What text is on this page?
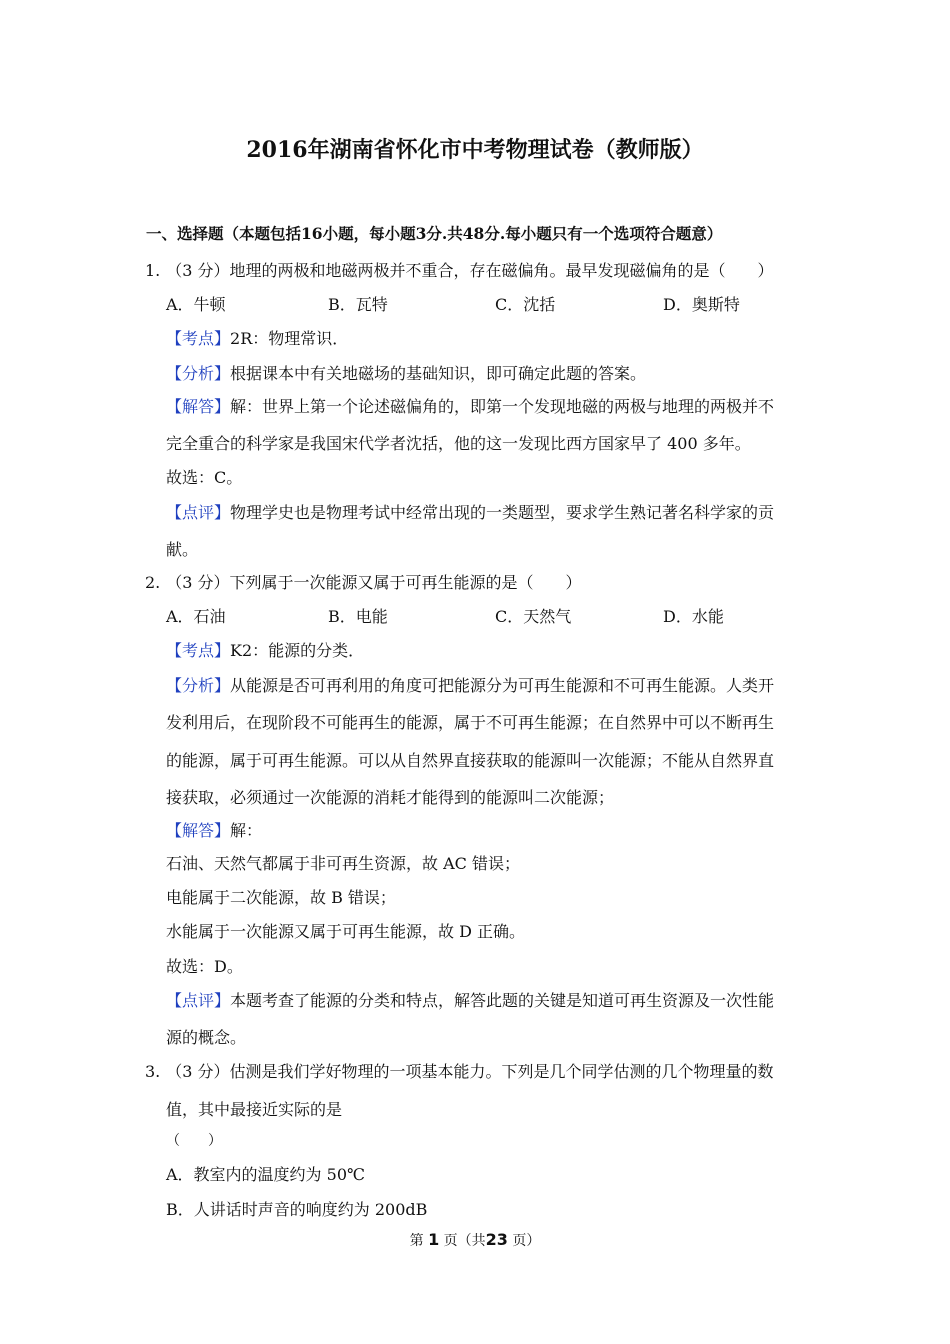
2016年湖南省怀化市中考物理试卷（教师版）
一、选择题（本题包括16小题，每小题3分.共48分.每小题只有一个选项符合题意）
1. （3 分）地理的两极和地磁两极并不重合，存在磁偏角。最早发现磁偏角的是（　　）
A．牛顿	B．瓦特	C．沈括	D．奥斯特
【考点】2R：物理常识．
【分析】根据课本中有关地磁场的基础知识，即可确定此题的答案。
【解答】解：世界上第一个论述磁偏角的，即第一个发现地磁的两极与地理的两极并不
完全重合的科学家是我国宋代学者沈括，他的这一发现比西方国家早了 400 多年。
故选：C。
【点评】物理学史也是物理考试中经常出现的一类题型，要求学生熟记著名科学家的贡
献。
2. （3 分）下列属于一次能源又属于可再生能源的是（　　）
A．石油	B．电能	C．天然气	D．水能
【考点】K2：能源的分类．
【分析】从能源是否可再利用的角度可把能源分为可再生能源和不可再生能源。人类开
发利用后，在现阶段不可能再生的能源，属于不可再生能源；在自然界中可以不断再生
的能源，属于可再生能源。可以从自然界直接获取的能源叫一次能源；不能从自然界直
接获取，必须通过一次能源的消耗才能得到的能源叫二次能源；
【解答】解：
石油、天然气都属于非可再生资源，故 AC 错误；
电能属于二次能源，故 B 错误；
水能属于一次能源又属于可再生能源，故 D 正确。
故选：D。
【点评】本题考查了能源的分类和特点，解答此题的关键是知道可再生资源及一次性能
源的概念。
3. （3 分）估测是我们学好物理的一项基本能力。下列是几个同学估测的几个物理量的数
值，其中最接近实际的是
（　　）
A．教室内的温度约为 50℃
B．人讲话时声音的响度约为 200dB
第 1 页（共23 页）
